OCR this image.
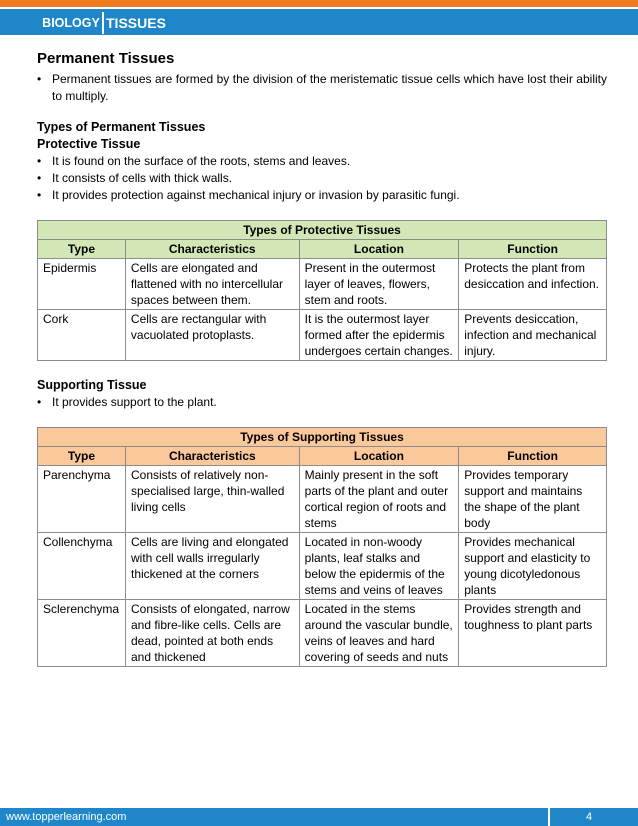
BIOLOGY TISSUES
Permanent Tissues
• Permanent tissues are formed by the division of the meristematic tissue cells which have lost their ability to multiply.
Types of Permanent Tissues
Protective Tissue
• It is found on the surface of the roots, stems and leaves.
• It consists of cells with thick walls.
• It provides protection against mechanical injury or invasion by parasitic fungi.
Types of Protective Tissues			
Type	Characteristics	Location	Function
Epidermis	Cells are elongated and flattened with no intercellular spaces between them.	Present in the outermost layer of leaves, flowers, stem and roots.	Protects the plant from desiccation and infection.
Cork	Cells are rectangular with vacuolated protoplasts.	It is the outermost layer formed after the epidermis undergoes certain changes.	Prevents desiccation, infection and mechanical injury.
Supporting Tissue
• It provides support to the plant.
Types of Supporting Tissues			
Type	Characteristics	Location	Function
Parenchyma	Consists of relatively non-specialised large, thin-walled living cells	Mainly present in the soft parts of the plant and outer cortical region of roots and stems	Provides temporary support and maintains the shape of the plant body
Collenchyma	Cells are living and elongated with cell walls irregularly thickened at the corners	Located in non-woody plants, leaf stalks and below the epidermis of the stems and veins of leaves	Provides mechanical support and elasticity to young dicotyledonous plants
Sclerenchyma	Consists of elongated, narrow and fibre-like cells. Cells are dead, pointed at both ends and thickened	Located in the stems around the vascular bundle, veins of leaves and hard covering of seeds and nuts	Provides strength and toughness to plant parts
www.topperlearning.com	4
